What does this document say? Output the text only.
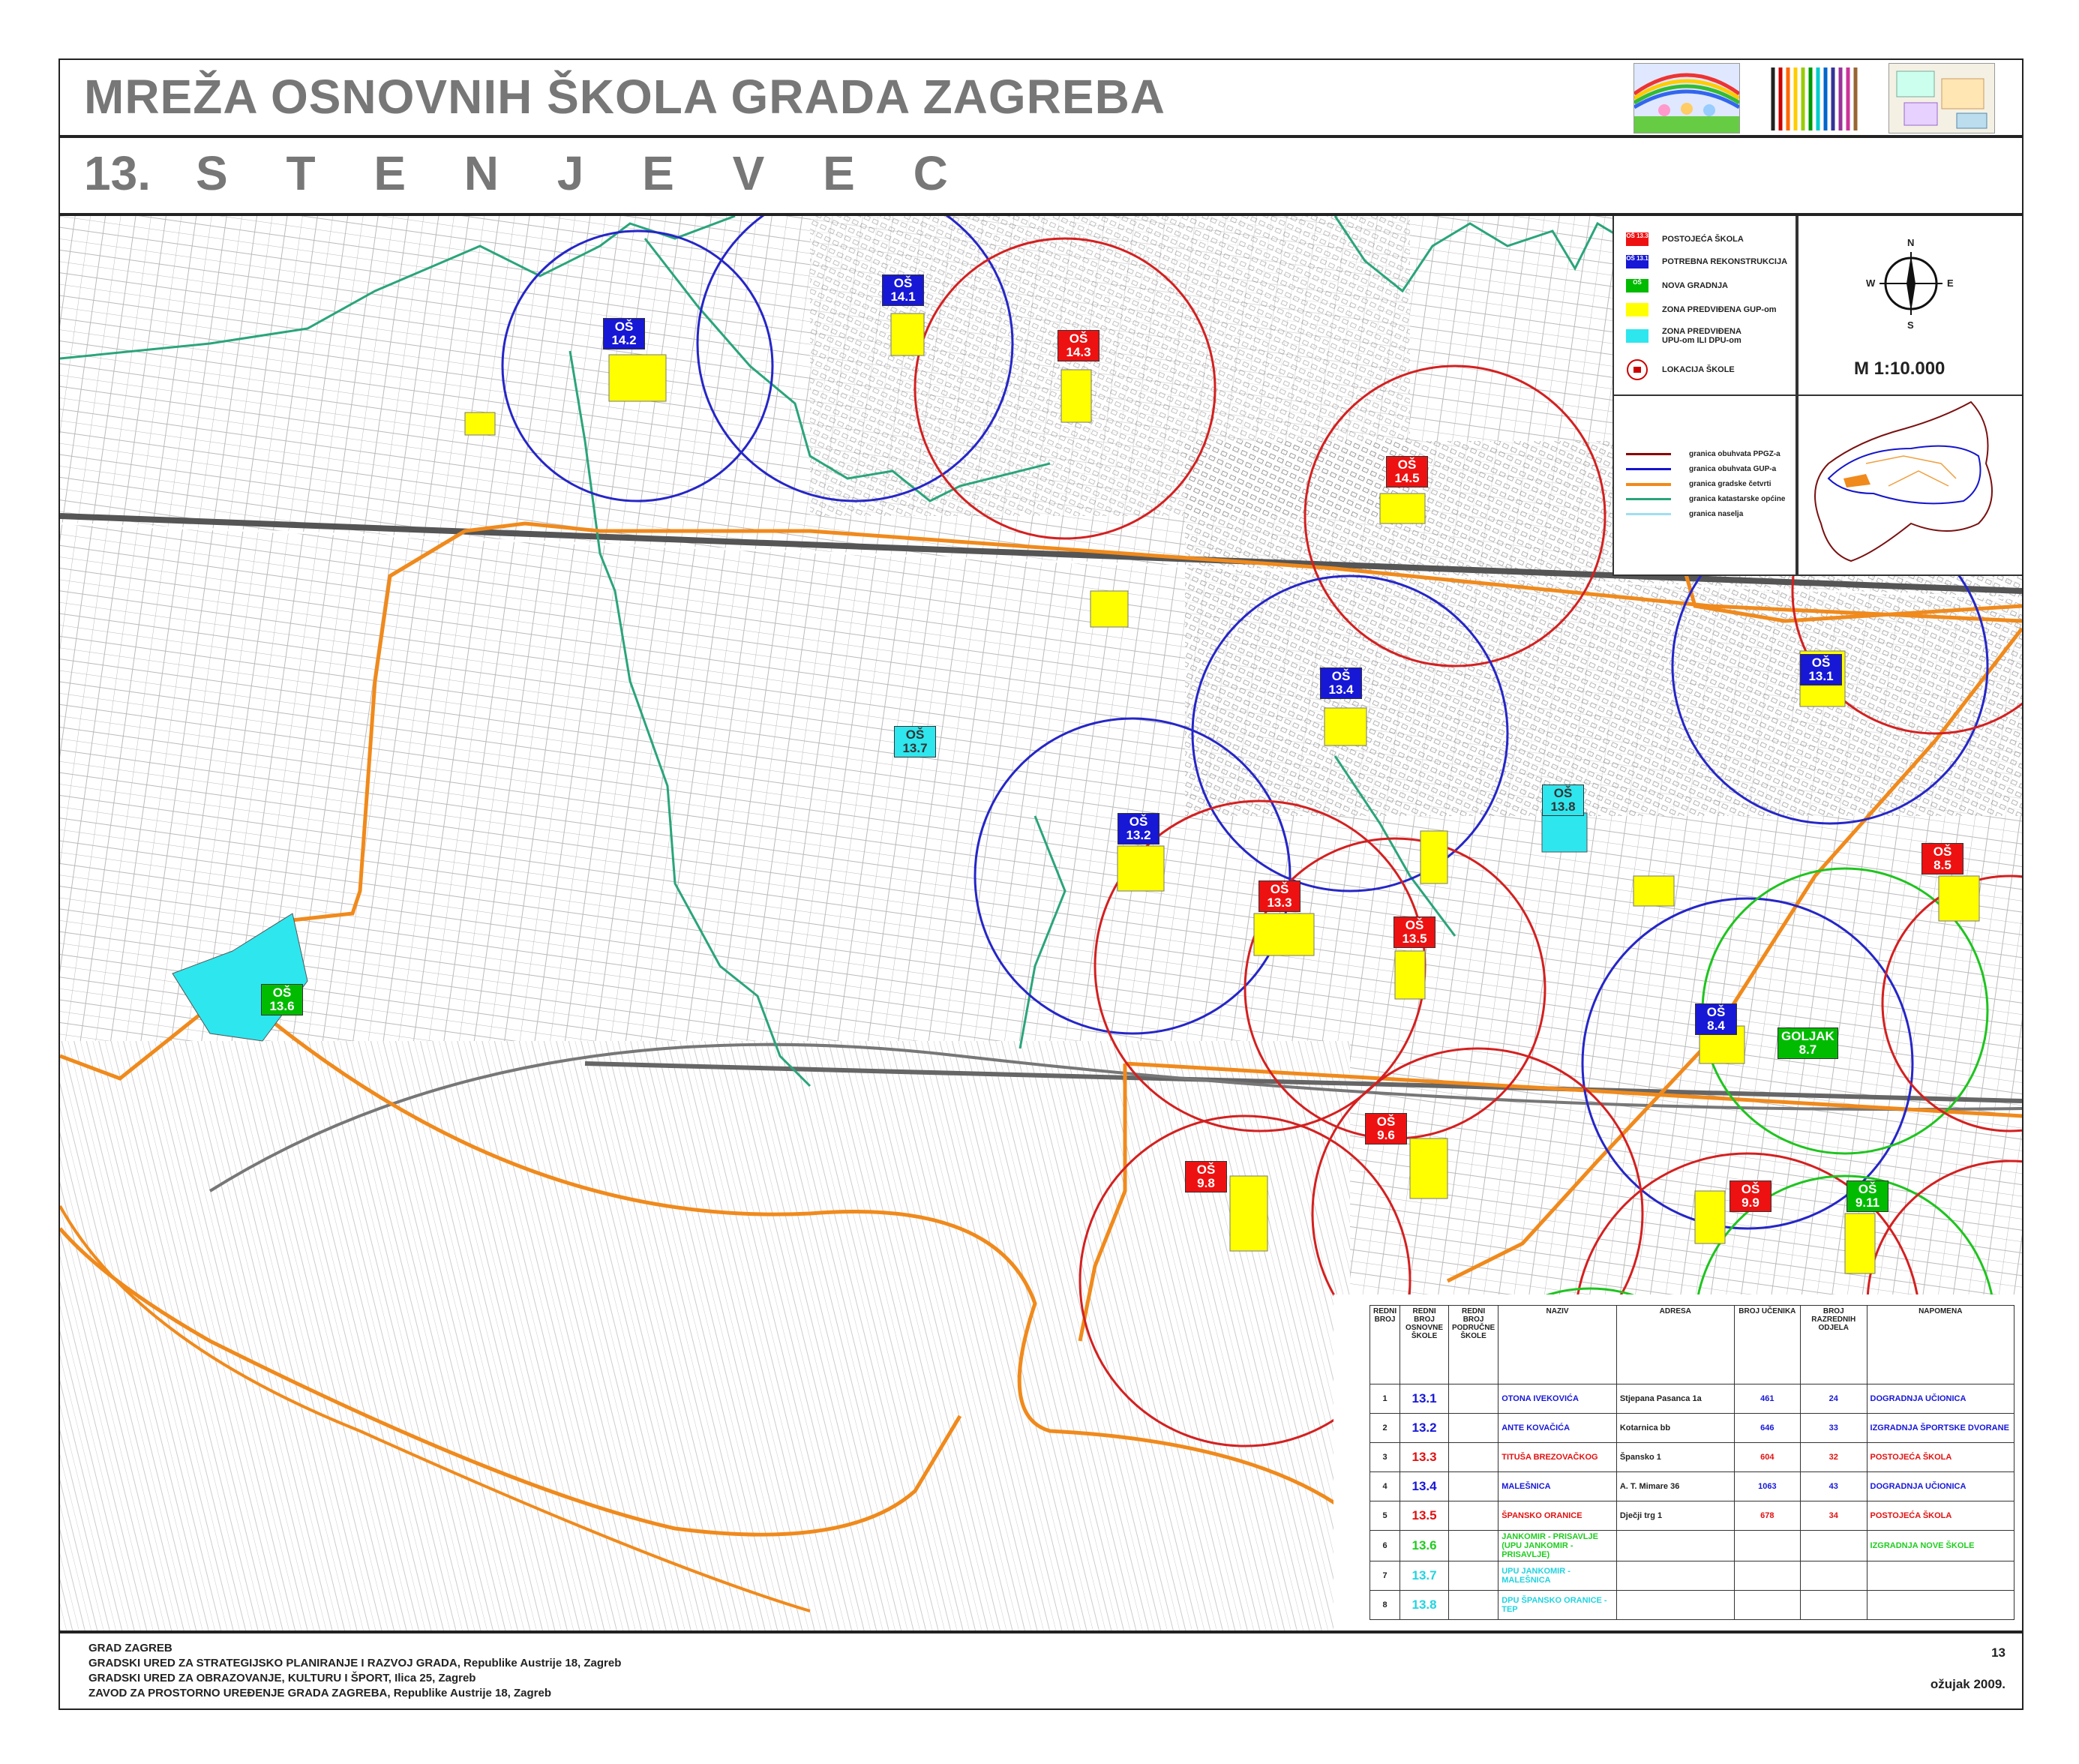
MREŽA OSNOVNIH ŠKOLA GRADA ZAGREBA
13. S T E N J E V E C
OŠ
14.2
OŠ
14.1
OŠ
14.3
OŠ
14.5
OŠ
13.1
OŠ
13.4
OŠ
13.7
OŠ
13.8
OŠ
13.2
OŠ
8.5
OŠ
13.3
OŠ
13.5
OŠ
13.6	OŠ
8.4
GOLJAK
8.7
OŠ
9.6
OŠ
9.8	OŠ
9.9
OŠ
9.11
OŠ 13.3 POSTOJEĆA ŠKOLA
OŠ 13.1 POTREBNA REKONSTRUKCIJA
OŠ	NOVA GRADNJA
ZONA PREDVIĐENA GUP-om
ZONA PREDVIĐENA UPU-om ILI DPU-om
LOKACIJA ŠKOLE
N
S
E
W
M 1:10.000
granica obuhvata PPGZ-a
granica obuhvata GUP-a
granica gradske četvrti
granica katastarske općine
granica naselja
REDNI BROJ	REDNI BROJ OSNOVNE ŠKOLE	REDNI BROJ PODRUČNE ŠKOLE	NAZIV	ADRESA	BROJ UČENIKA	BROJ RAZREDNIH ODJELA	NAPOMENA
1	13.1		OTONA IVEKOVIĆA	Stjepana Pasanca 1a	461	24	DOGRADNJA UČIONICA
2	13.2		ANTE KOVAČIĆA	Kotarnica bb	646	33	IZGRADNJA ŠPORTSKE DVORANE
3	13.3		TITUŠA BREZOVAČKOG	Špansko 1	604	32	POSTOJEĆA ŠKOLA
4	13.4		MALEŠNICA	A. T. Mimare 36	1063	43	DOGRADNJA UČIONICA
5	13.5		ŠPANSKO ORANICE	Dječji trg 1	678	34	POSTOJEĆA ŠKOLA
6	13.6		JANKOMIR - PRISAVLJE (UPU JANKOMIR - PRISAVLJE)				IZGRADNJA NOVE ŠKOLE
7	13.7		UPU JANKOMIR - MALEŠNICA				
8	13.8		DPU ŠPANSKO ORANICE - TEP				
GRAD ZAGREB
GRADSKI URED ZA STRATEGIJSKO PLANIRANJE I RAZVOJ GRADA, Republike Austrije 18, Zagreb
GRADSKI URED ZA OBRAZOVANJE, KULTURU I ŠPORT, Ilica 25, Zagreb
ZAVOD ZA PROSTORNO UREĐENJE GRADA ZAGREBA, Republike Austrije 18, Zagreb
13
ožujak 2009.
